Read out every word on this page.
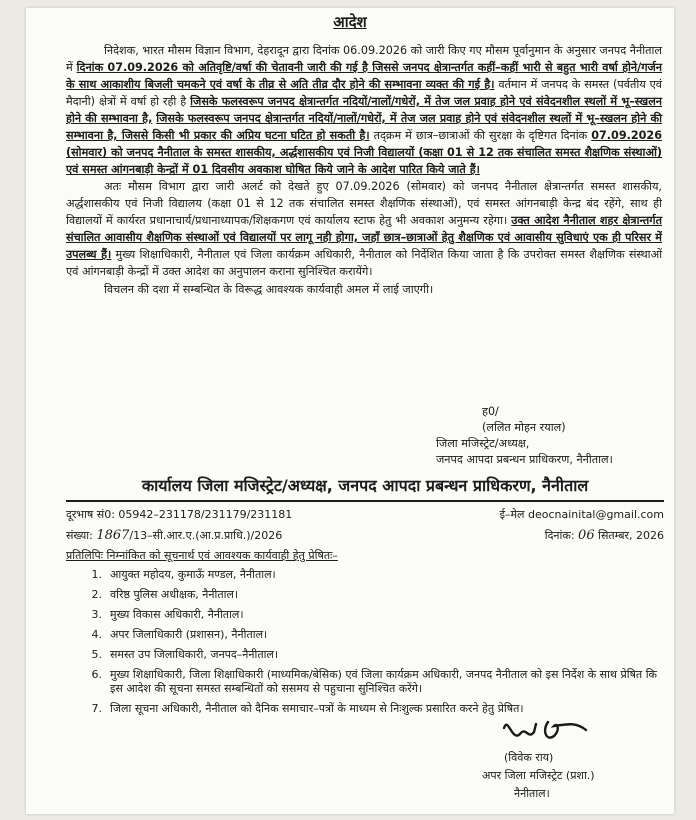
आदेश

निदेशक, भारत मौसम विज्ञान विभाग, देहरादून द्वारा दिनांक 06.09.2026 को जारी किए गए मौसम पूर्वानुमान के अनुसार जनपद नैनीताल में दिनांक 07.09.2026 को अतिवृष्टि/वर्षा की चेतावनी जारी की गई है जिससे जनपद क्षेत्रान्तर्गत कहीं–कहीं भारी से बहुत भारी वर्षा होने/गर्जन के साथ आकाशीय बिजली चमकने एवं वर्षा के तीव्र से अति तीव्र दौर होने की सम्भावना व्यक्त की गई है। वर्तमान में जनपद के समस्त (पर्वतीय एवं मैदानी) क्षेत्रों में वर्षा हो रही है जिसके फलस्वरूप जनपद क्षेत्रान्तर्गत नदियों/नालों/गधेरों, में तेज जल प्रवाह होने एवं संवेदनशील स्थलों में भू–स्खलन होने की सम्भावना है, जिसके फलस्वरूप जनपद क्षेत्रान्तर्गत नदियों/नालों/गधेरों, में तेज जल प्रवाह होने एवं संवेदनशील स्थलों में भू–स्खलन होने की सम्भावना है, जिससे किसी भी प्रकार की अप्रिय घटना घटित हो सकती है। तद्क्रम में छात्र–छात्राओं की सुरक्षा के दृष्टिगत दिनांक 07.09.2026 (सोमवार) को जनपद नैनीताल के समस्त शासकीय, अर्द्धशासकीय एवं निजी विद्यालयों (कक्षा 01 से 12 तक संचालित समस्त शैक्षणिक संस्थाओं) एवं समस्त आंगनबाड़ी केन्द्रों में 01 दिवसीय अवकाश घोषित किये जाने के आदेश पारित किये जाते हैं।

अतः मौसम विभाग द्वारा जारी अलर्ट को देखते हुए 07.09.2026 (सोमवार) को जनपद नैनीताल क्षेत्रान्तर्गत समस्त शासकीय, अर्द्धशासकीय एवं निजी विद्यालय (कक्षा 01 से 12 तक संचालित समस्त शैक्षणिक संस्थाओं), एवं समस्त आंगनबाड़ी केन्द्र बंद रहेंगे, साथ ही विद्यालयों में कार्यरत प्रधानाचार्य/प्रधानाध्यापक/शिक्षकगण एवं कार्यालय स्टाफ हेतु भी अवकाश अनुमन्य रहेगा। उक्त आदेश नैनीताल शहर क्षेत्रान्तर्गत संचालित आवासीय शैक्षणिक संस्थाओं एवं विद्यालयों पर लागू नही होगा, जहाँ छात्र–छात्राओं हेतु शैक्षणिक एवं आवासीय सुविधाएं एक ही परिसर में उपलब्ध हैं। मुख्य शिक्षाधिकारी, नैनीताल एवं जिला कार्यक्रम अधिकारी, नैनीताल को निर्देशित किया जाता है कि उपरोक्त समस्त शैक्षणिक संस्थाओं एवं आंगनबाड़ी केन्द्रों में उक्त आदेश का अनुपालन कराना सुनिश्चित करायेंगे।

विचलन की दशा में सम्बन्धित के विरूद्ध आवश्यक कार्यवाही अमल में लाई जाएगी।

ह0/
(ललित मोहन रयाल)
जिला मजिस्ट्रेट/अध्यक्ष,
जनपद आपदा प्रबन्धन प्राधिकरण, नैनीताल।
कार्यालय जिला मजिस्ट्रेट/अध्यक्ष, जनपद आपदा प्रबन्धन प्राधिकरण, नैनीताल
दूरभाष सं0: 05942–231178/231179/231181	ई–मेल deocnainital@gmail.com
संख्या: 1867/13–सी.आर.ए.(आ.प्र.प्राधि.)/2026	दिनांक: 06 सितम्बर, 2026
प्रतिलिपिः निम्नांकित को सूचनार्थ एवं आवश्यक कार्यवाही हेतु प्रेषितः–
1. आयुक्त महोदय, कुमाऊँ मण्डल, नैनीताल।
2. वरिष्ठ पुलिस अधीक्षक, नैनीताल।
3. मुख्य विकास अधिकारी, नैनीताल।
4. अपर जिलाधिकारी (प्रशासन), नैनीताल।
5. समस्त उप जिलाधिकारी, जनपद–नैनीताल।
6. मुख्य शिक्षाधिकारी, जिला शिक्षाधिकारी (माध्यमिक/बेसिक) एवं जिला कार्यक्रम अधिकारी, जनपद नैनीताल को इस निर्देश के साथ प्रेषित कि इस आदेश की सूचना समस्त सम्बन्धितों को ससमय से पहुचाना सुनिश्चित करेंगे।
7. जिला सूचना अधिकारी, नैनीताल को दैनिक समाचार–पत्रों के माध्यम से निःशुल्क प्रसारित करने हेतु प्रेषित।
(विवेक राय)
अपर जिला मजिस्ट्रेट (प्रशा.)
नैनीताल।
